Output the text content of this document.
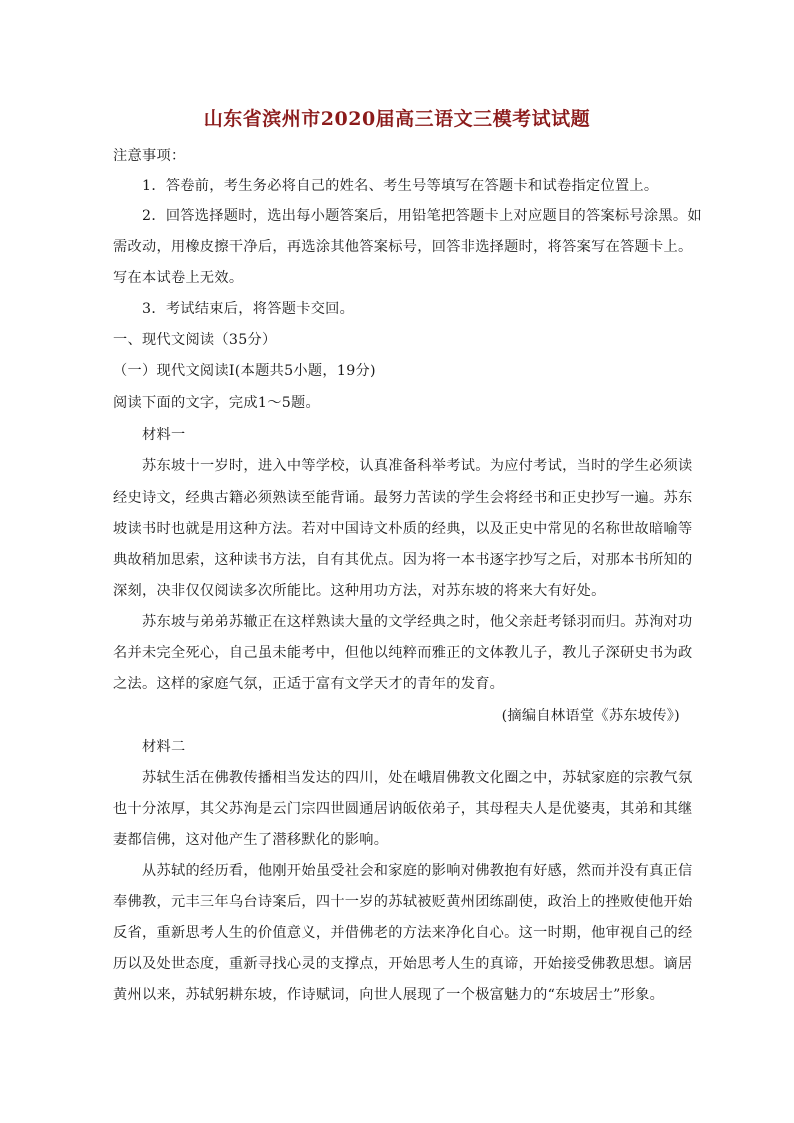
山东省滨州市2020届高三语文三模考试试题
注意事项：
1．答卷前，考生务必将自己的姓名、考生号等填写在答题卡和试卷指定位置上。
2．回答选择题时，选出每小题答案后，用铅笔把答题卡上对应题目的答案标号涂黑。如
需改动，用橡皮擦干净后，再选涂其他答案标号，回答非选择题时，将答案写在答题卡上。
写在本试卷上无效。
3．考试结束后，将答题卡交回。
一、现代文阅读（35分）
（一）现代文阅读Ⅰ(本题共5小题，19分)
阅读下面的文字，完成1～5题。
材料一
苏东坡十一岁时，进入中等学校，认真准备科举考试。为应付考试，当时的学生必须读
经史诗文，经典古籍必须熟读至能背诵。最努力苦读的学生会将经书和正史抄写一遍。苏东
坡读书时也就是用这种方法。若对中国诗文朴质的经典，以及正史中常见的名称世故暗喻等
典故稍加思索，这种读书方法，自有其优点。因为将一本书逐字抄写之后，对那本书所知的
深刻，决非仅仅阅读多次所能比。这种用功方法，对苏东坡的将来大有好处。
苏东坡与弟弟苏辙正在这样熟读大量的文学经典之时，他父亲赶考铩羽而归。苏洵对功
名并未完全死心，自己虽未能考中，但他以纯粹而雅正的文体教儿子，教儿子深研史书为政
之法。这样的家庭气氛，正适于富有文学天才的青年的发育。
(摘编自林语堂《苏东坡传》)
材料二
苏轼生活在佛教传播相当发达的四川，处在峨眉佛教文化圈之中，苏轼家庭的宗教气氛
也十分浓厚，其父苏洵是云门宗四世圆通居讷皈依弟子，其母程夫人是优婆夷，其弟和其继
妻都信佛，这对他产生了潜移默化的影响。
从苏轼的经历看，他刚开始虽受社会和家庭的影响对佛教抱有好感，然而并没有真正信
奉佛教，元丰三年乌台诗案后，四十一岁的苏轼被贬黄州团练副使，政治上的挫败使他开始
反省，重新思考人生的价值意义，并借佛老的方法来净化自心。这一时期，他审视自己的经
历以及处世态度，重新寻找心灵的支撑点，开始思考人生的真谛，开始接受佛教思想。谪居
黄州以来，苏轼躬耕东坡，作诗赋词，向世人展现了一个极富魅力的“东坡居士”形象。
